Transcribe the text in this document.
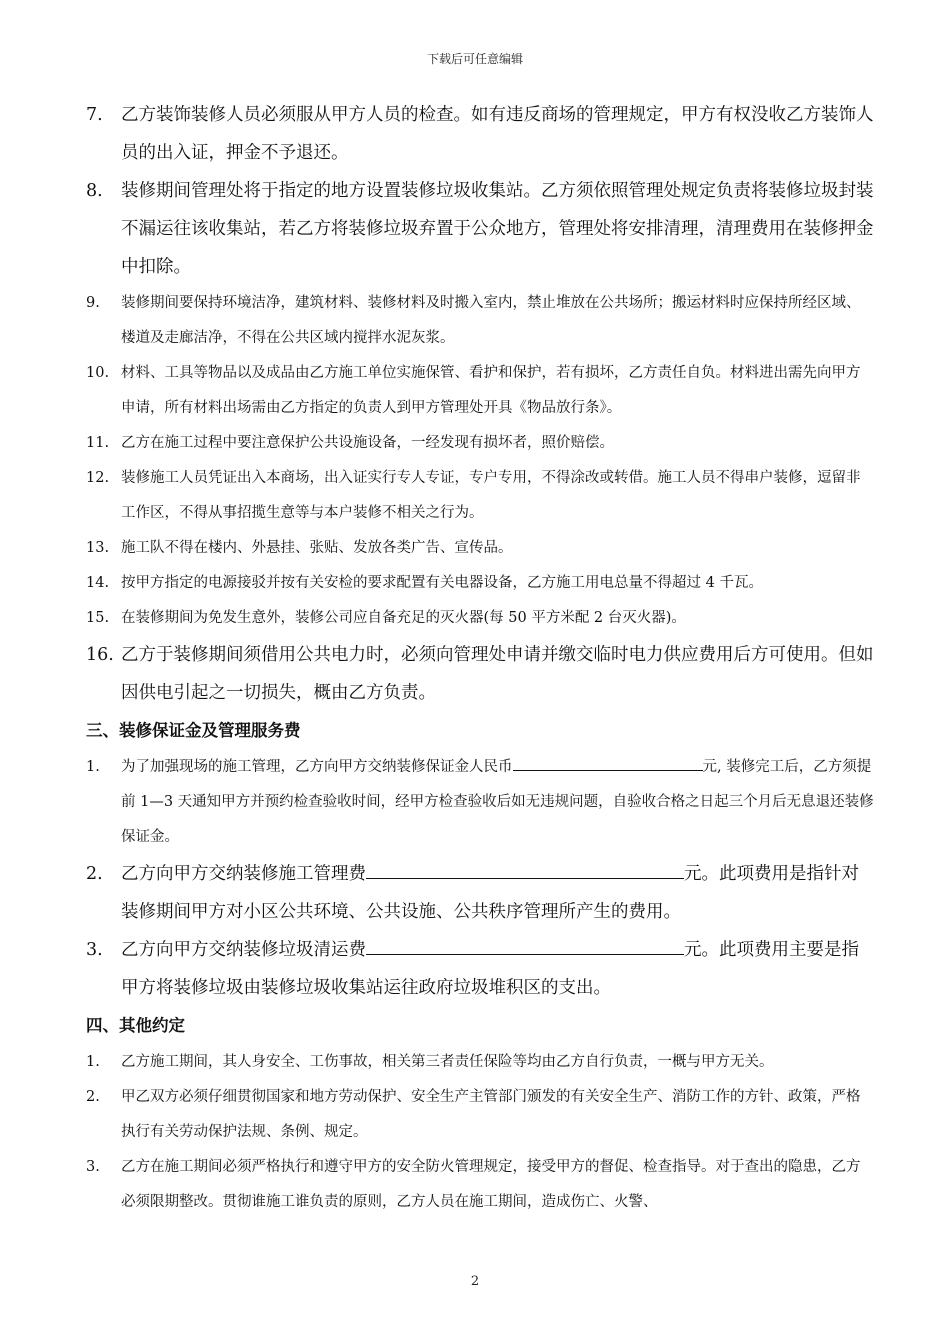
下载后可任意编辑
7.	乙方装饰装修人员必须服从甲方人员的检查。如有违反商场的管理规定，甲方有权没收乙方装饰人员的出入证，押金不予退还。
8.	装修期间管理处将于指定的地方设置装修垃圾收集站。乙方须依照管理处规定负责将装修垃圾封装不漏运往该收集站，若乙方将装修垃圾弃置于公众地方，管理处将安排清理，清理费用在装修押金中扣除。
9.	装修期间要保持环境洁净，建筑材料、装修材料及时搬入室内，禁止堆放在公共场所；搬运材料时应保持所经区域、楼道及走廊洁净，不得在公共区域内搅拌水泥灰浆。
10. 材料、工具等物品以及成品由乙方施工单位实施保管、看护和保护，若有损坏，乙方责任自负。材料进出需先向甲方申请，所有材料出场需由乙方指定的负责人到甲方管理处开具《物品放行条》。
11. 乙方在施工过程中要注意保护公共设施设备，一经发现有损坏者，照价赔偿。
12. 装修施工人员凭证出入本商场，出入证实行专人专证，专户专用，不得涂改或转借。施工人员不得串户装修，逗留非工作区，不得从事招揽生意等与本户装修不相关之行为。
13. 施工队不得在楼内、外悬挂、张贴、发放各类广告、宣传品。
14. 按甲方指定的电源接驳并按有关安检的要求配置有关电器设备，乙方施工用电总量不得超过 4 千瓦。
15. 在装修期间为免发生意外，装修公司应自备充足的灭火器(每 50 平方米配 2 台灭火器)。
16. 乙方于装修期间须借用公共电力时，必须向管理处申请并缴交临时电力供应费用后方可使用。但如因供电引起之一切损失，概由乙方负责。
三、装修保证金及管理服务费
1.	为了加强现场的施工管理，乙方向甲方交纳装修保证金人民币	元, 装修完工后，乙方须提前 1—3 天通知甲方并预约检查验收时间，经甲方检查验收后如无违规问题，自验收合格之日起三个月后无息退还装修保证金。
2.	乙方向甲方交纳装修施工管理费	元。此项费用是指针对装修期间甲方对小区公共环境、公共设施、公共秩序管理所产生的费用。
3.	乙方向甲方交纳装修垃圾清运费	元。此项费用主要是指甲方将装修垃圾由装修垃圾收集站运往政府垃圾堆积区的支出。
四、其他约定
1.	乙方施工期间，其人身安全、工伤事故，相关第三者责任保险等均由乙方自行负责，一概与甲方无关。
2.	甲乙双方必须仔细贯彻国家和地方劳动保护、安全生产主管部门颁发的有关安全生产、消防工作的方针、政策，严格执行有关劳动保护法规、条例、规定。
3.	乙方在施工期间必须严格执行和遵守甲方的安全防火管理规定，接受甲方的督促、检查指导。对于查出的隐患，乙方必须限期整改。贯彻谁施工谁负责的原则，乙方人员在施工期间，造成伤亡、火警、
2
